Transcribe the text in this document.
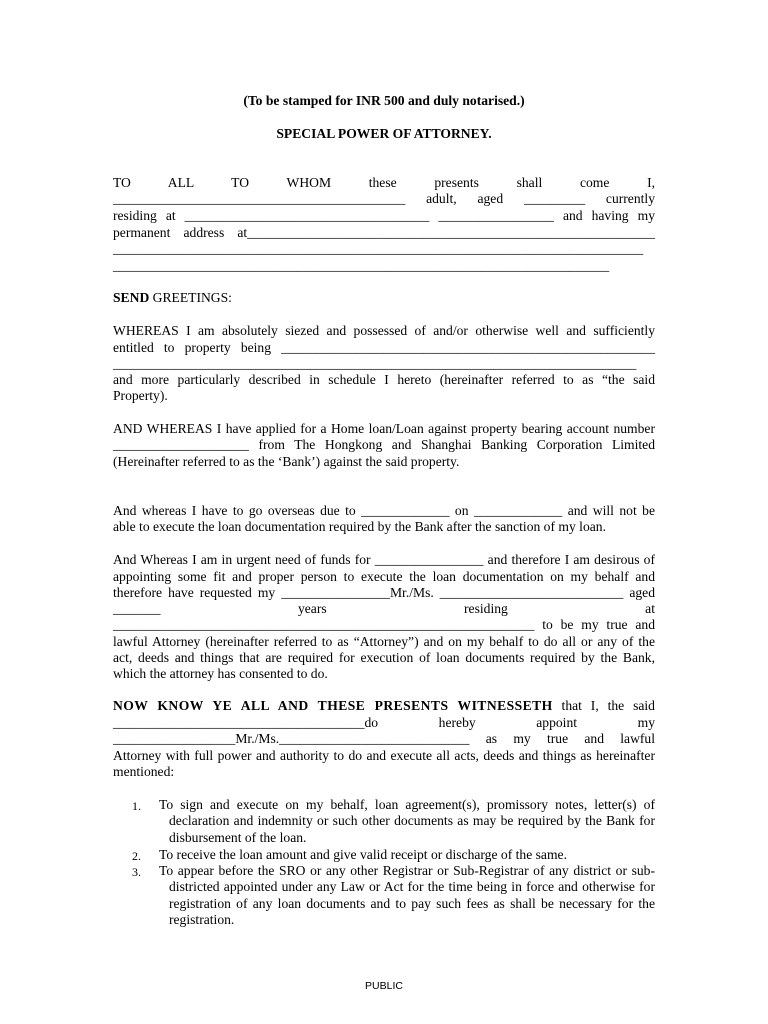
(To be stamped for INR 500 and duly notarised.)
SPECIAL POWER OF ATTORNEY.
TO ALL TO WHOM these presents shall come I,
___________________________________________ adult, aged _________ currently
residing at ____________________________________ _________________ and having my
permanent address at____________________________________________________________
______________________________________________________________________________
_________________________________________________________________________
SEND GREETINGS:
WHEREAS I am absolutely siezed and possessed of and/or otherwise well and sufficiently
entitled to property being _______________________________________________________
_____________________________________________________________________________
and more particularly described in schedule I hereto (hereinafter referred to as “the said
Property).
AND WHEREAS I have applied for a Home loan/Loan against property bearing account number
____________________ from The Hongkong and Shanghai Banking Corporation Limited
(Hereinafter referred to as the ‘Bank’) against the said property.
And whereas I have to go overseas due to _____________ on _____________ and will not be
able to execute the loan documentation required by the Bank after the sanction of my loan.
And Whereas I am in urgent need of funds for ________________ and therefore I am desirous of
appointing some fit and proper person to execute the loan documentation on my behalf and
therefore have requested my ________________Mr./Ms. ___________________________ aged
_______ years residing at
______________________________________________________________ to be my true and
lawful Attorney (hereinafter referred to as “Attorney”) and on my behalf to do all or any of the
act, deeds and things that are required for execution of loan documents required by the Bank,
which the attorney has consented to do.
NOW KNOW YE ALL AND THESE PRESENTS WITNESSETH that I, the said
_____________________________________do hereby appoint my
__________________Mr./Ms.____________________________ as my true and lawful
Attorney with full power and authority to do and execute all acts, deeds and things as hereinafter
mentioned:
1.	To sign and execute on my behalf, loan agreement(s), promissory notes, letter(s) of
declaration and indemnity or such other documents as may be required by the Bank for
disbursement of the loan.
2.	To receive the loan amount and give valid receipt or discharge of the same.
3.	To appear before the SRO or any other Registrar or Sub-Registrar of any district or sub-
districted appointed under any Law or Act for the time being in force and otherwise for
registration of any loan documents and to pay such fees as shall be necessary for the
registration.
PUBLIC
